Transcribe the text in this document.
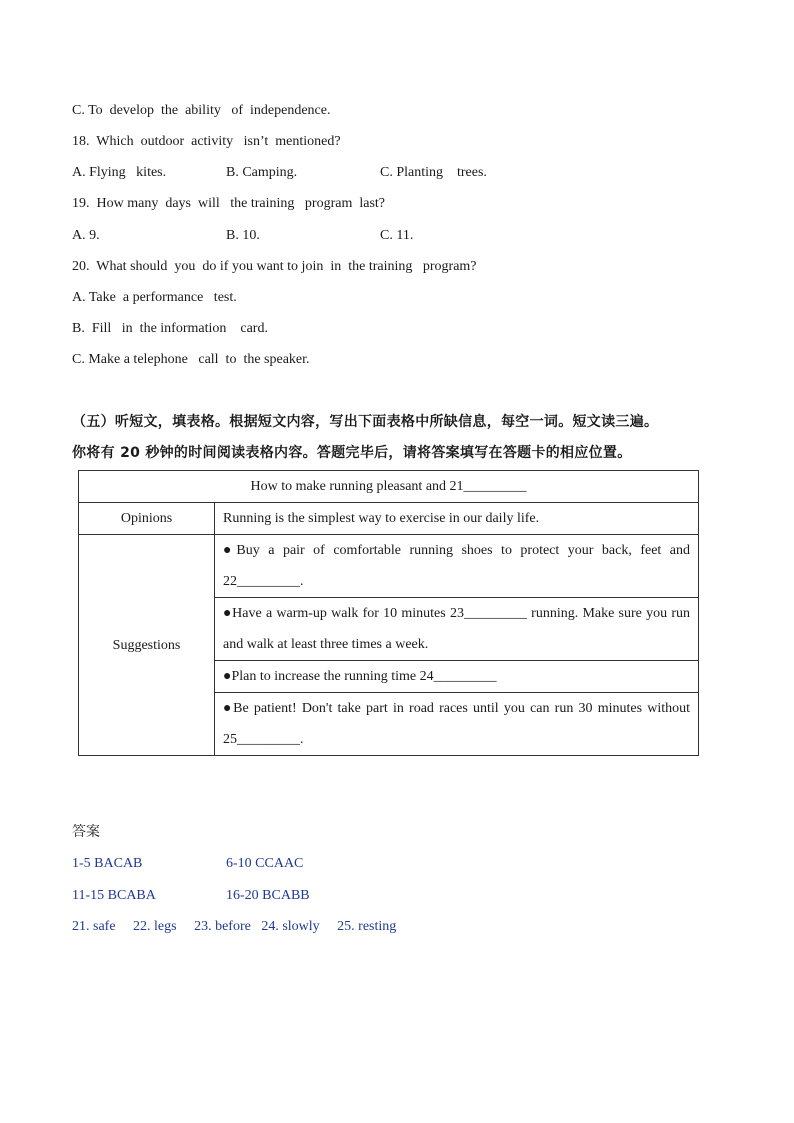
C. To  develop  the  ability   of  independence.
18.  Which  outdoor  activity   isn’t  mentioned?
A. Flying   kites.	B. Camping.	C. Planting    trees.
19.  How many  days  will   the training   program  last?
A. 9.	B. 10.	C. 11.
20.  What should  you  do if you want to join  in  the training   program?
A. Take  a performance   test.
B.  Fill   in  the information    card.
C. Make a telephone   call  to  the speaker.
（五）听短文，填表格。根据短文内容，写出下面表格中所缺信息，每空一词。短文读三遍。
你将有 20 秒钟的时间阅读表格内容。答题完毕后，请将答案填写在答题卡的相应位置。
How to make running pleasant and 21_________	
Opinions	Running is the simplest way to exercise in our daily life.
Suggestions	●Buy a pair of comfortable running shoes to protect your back, feet and 22_________.
	●Have a warm-up walk for 10 minutes 23_________ running. Make sure you run and walk at least three times a week.
	●Plan to increase the running time 24_________
	●Be patient! Don't take part in road races until you can run 30 minutes without 25_________.
答案
1-5 BACAB	6-10 CCAAC
11-15 BCABA	16-20 BCABB
21. safe     22. legs     23. before   24. slowly     25. resting
